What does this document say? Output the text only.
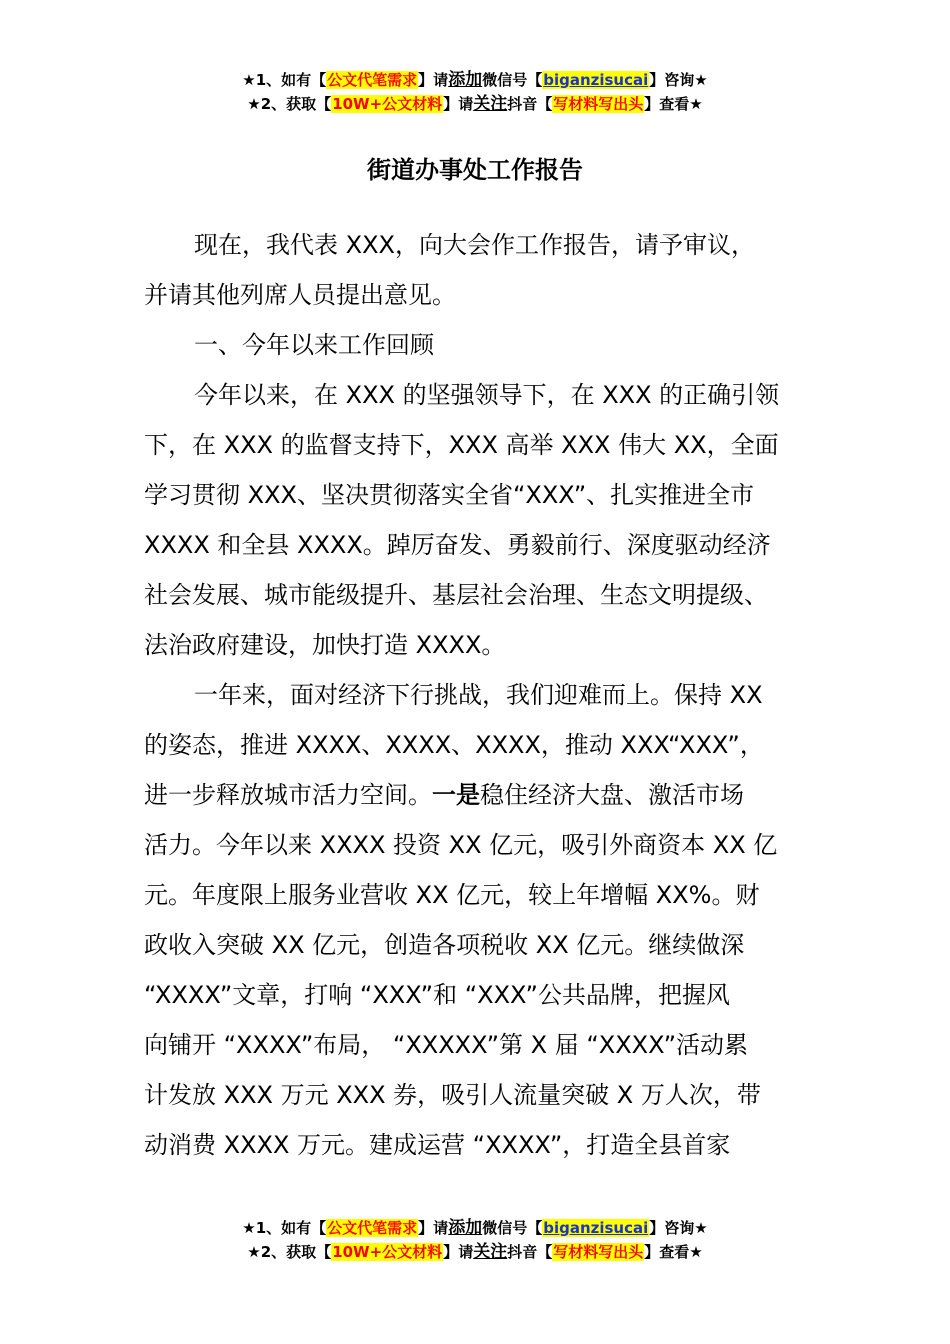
★1、如有【公文代笔需求】请添加微信号【biganzisucai】咨询★
★2、获取【10W+公文材料】请关注抖音【写材料写出头】查看★
街道办事处工作报告
现在，我代表 XXX，向大会作工作报告，请予审议，
并请其他列席人员提出意见。
一、今年以来工作回顾
今年以来，在 XXX 的坚强领导下，在 XXX 的正确引领
下，在 XXX 的监督支持下，XXX 高举 XXX 伟大 XX，全面
学习贯彻 XXX、坚决贯彻落实全省“XXX”、扎实推进全市
XXXX 和全县 XXXX。踔厉奋发、勇毅前行、深度驱动经济
社会发展、城市能级提升、基层社会治理、生态文明提级、
法治政府建设，加快打造 XXXX。
一年来，面对经济下行挑战，我们迎难而上。保持 XX
的姿态，推进 XXXX、XXXX、XXXX，推动 XXX“XXX”，
进一步释放城市活力空间。一是稳住经济大盘、激活市场
活力。今年以来 XXXX 投资 XX 亿元，吸引外商资本 XX 亿
元。年度限上服务业营收 XX 亿元，较上年增幅 XX%。财
政收入突破 XX 亿元，创造各项税收 XX 亿元。继续做深
“XXXX”文章，打响 “XXX”和 “XXX”公共品牌，把握风
向铺开 “XXXX”布局， “XXXXX”第 X 届 “XXXX”活动累
计发放 XXX 万元 XXX 券，吸引人流量突破 X 万人次，带
动消费 XXXX 万元。建成运营 “XXXX”，打造全县首家
★1、如有【公文代笔需求】请添加微信号【biganzisucai】咨询★
★2、获取【10W+公文材料】请关注抖音【写材料写出头】查看★
